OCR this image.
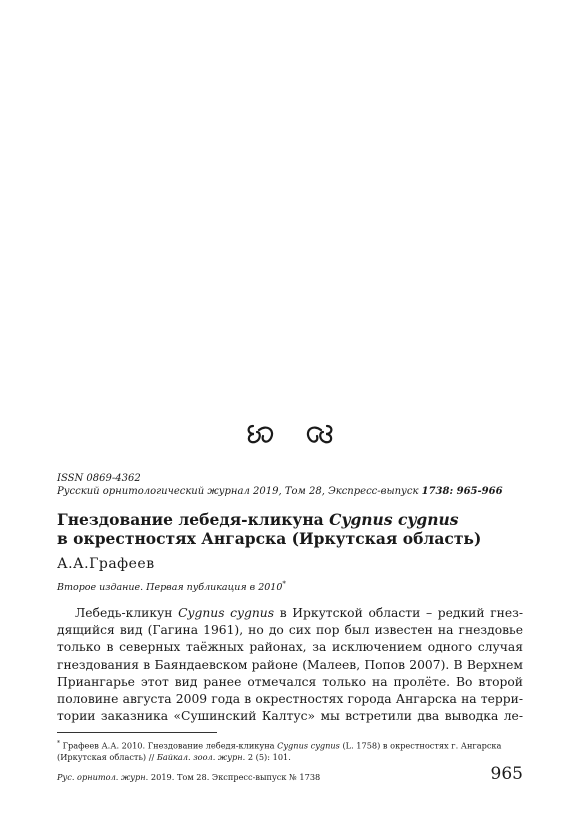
ISSN 0869-4362
Русский орнитологический журнал 2019, Том 28, Экспресс-выпуск 1738: 965-966
Гнездование лебедя-кликуна Cygnus cygnus
в окрестностях Ангарска (Иркутская область)
А.А.Графеев
Второе издание. Первая публикация в 2010*
Лебедь-кликун Cygnus cygnus в Иркутской области – редкий гнез-
дящийся вид (Гагина 1961), но до сих пор был известен на гнездовье
только в северных таёжных районах, за исключением одного случая
гнездования в Баяндаевском районе (Малеев, Попов 2007). В Верхнем
Приангарье этот вид ранее отмечался только на пролёте. Во второй
половине августа 2009 года в окрестностях города Ангарска на терри-
тории заказника «Сушинский Калтус» мы встретили два выводка ле-
* Графеев А.А. 2010. Гнездование лебедя-кликуна Cygnus cygnus (L. 1758) в окрестностях г. Ангарска
(Иркутская область) // Байкал. зоол. журн. 2 (5): 101.
Рус. орнитол. журн. 2019. Том 28. Экспресс-выпуск № 1738	965
